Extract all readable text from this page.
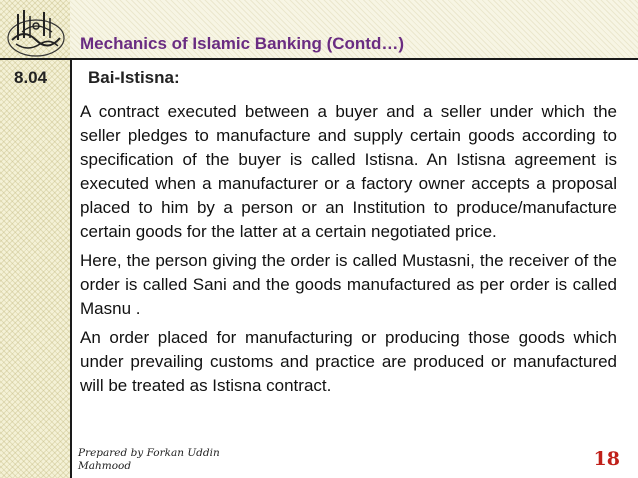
Mechanics of Islamic Banking (Contd…)
8.04 Bai-Istisna:

A contract executed between a buyer and a seller under which the seller pledges to manufacture and supply certain goods according to specification of the buyer is called Istisna. An Istisna agreement is executed when a manufacturer or a factory owner accepts a proposal placed to him by a person or an Institution to produce/manufacture certain goods for the latter at a certain negotiated price.

Here, the person giving the order is called Mustasni, the receiver of the order is called Sani and the goods manufactured as per order is called Masnu .

An order placed for manufacturing or producing those goods which under prevailing customs and practice are produced or manufactured will be treated as Istisna contract.

Prepared by Forkan Uddin
Mahmood	18
